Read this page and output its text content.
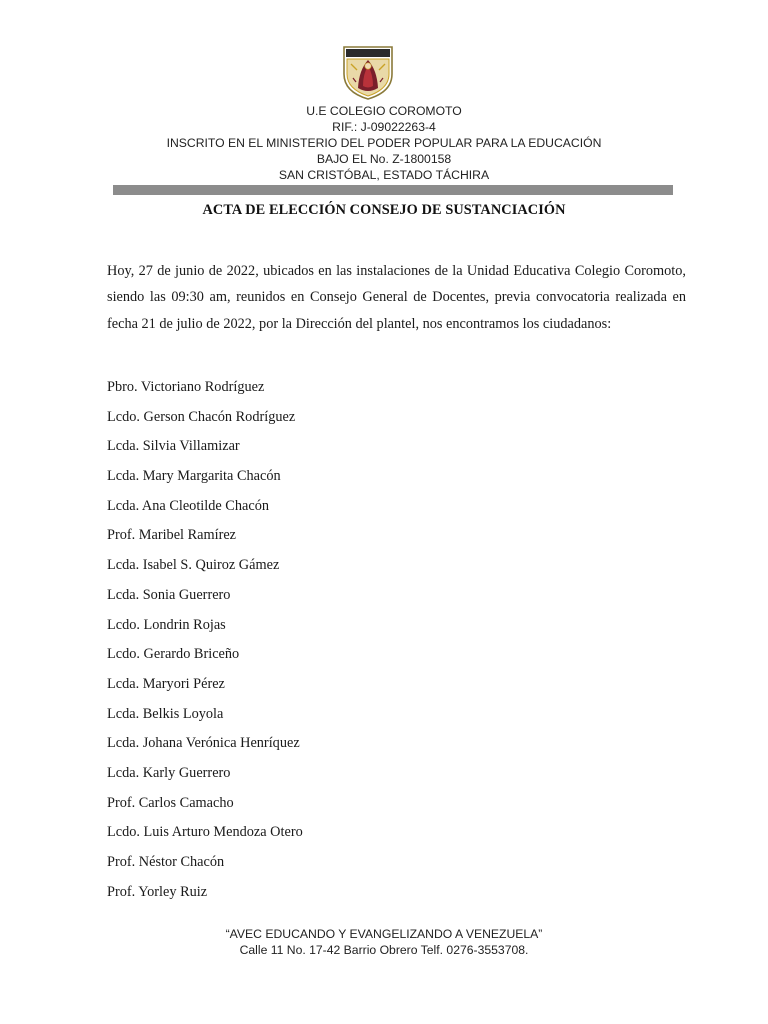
U.E COLEGIO COROMOTO
RIF.: J-09022263-4
INSCRITO EN EL MINISTERIO DEL PODER POPULAR PARA LA EDUCACIÓN
BAJO EL No. Z-1800158
SAN CRISTÓBAL, ESTADO TÁCHIRA
ACTA DE ELECCIÓN CONSEJO DE SUSTANCIACIÓN
Hoy, 27 de junio de 2022, ubicados en las instalaciones de la Unidad Educativa Colegio Coromoto, siendo las 09:30 am, reunidos en Consejo General de Docentes, previa convocatoria realizada en fecha 21 de julio de 2022, por la Dirección del plantel, nos encontramos los ciudadanos:
Pbro. Victoriano Rodríguez
Lcdo. Gerson Chacón Rodríguez
Lcda. Silvia Villamizar
Lcda. Mary Margarita Chacón
Lcda. Ana Cleotilde Chacón
Prof. Maribel Ramírez
Lcda. Isabel S. Quiroz Gámez
Lcda. Sonia Guerrero
Lcdo. Londrin Rojas
Lcdo. Gerardo Briceño
Lcda. Maryori Pérez
Lcda. Belkis Loyola
Lcda. Johana Verónica Henríquez
Lcda. Karly Guerrero
Prof. Carlos Camacho
Lcdo. Luis Arturo Mendoza Otero
Prof. Néstor Chacón
Prof. Yorley Ruiz
“AVEC EDUCANDO Y EVANGELIZANDO A VENEZUELA”
Calle 11 No. 17-42 Barrio Obrero Telf. 0276-3553708.
